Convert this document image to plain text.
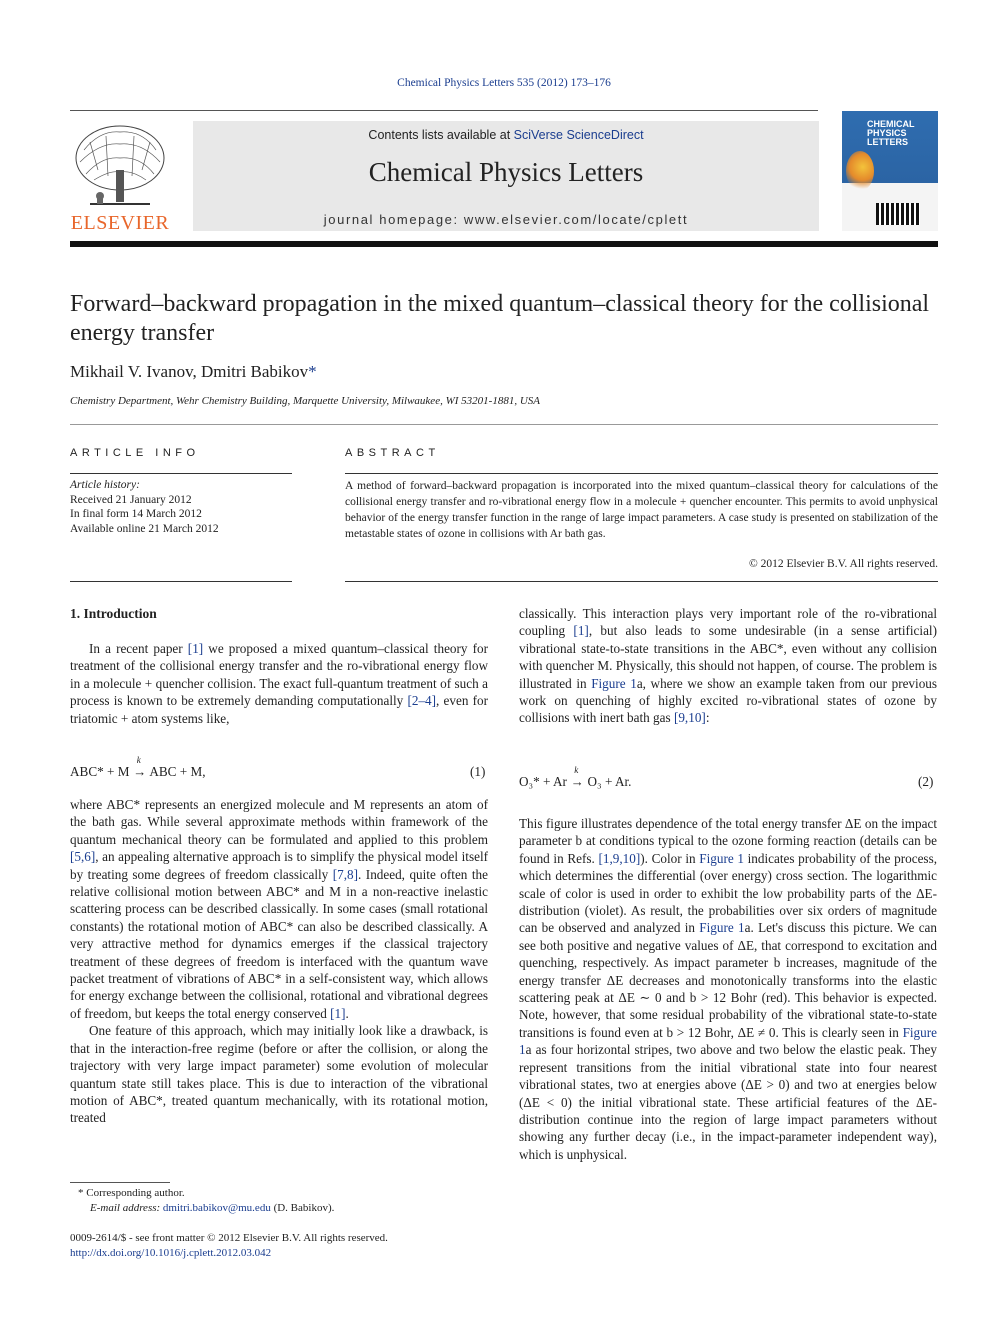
Chemical Physics Letters 535 (2012) 173–176
ELSEVIER
Contents lists available at SciVerse ScienceDirect
Chemical Physics Letters
journal homepage: www.elsevier.com/locate/cplett
CHEMICAL PHYSICS LETTERS
Forward–backward propagation in the mixed quantum–classical theory for the collisional energy transfer
Mikhail V. Ivanov, Dmitri Babikov*
Chemistry Department, Wehr Chemistry Building, Marquette University, Milwaukee, WI 53201-1881, USA
ARTICLE INFO
Article history:
Received 21 January 2012
In final form 14 March 2012
Available online 21 March 2012
ABSTRACT
A method of forward–backward propagation is incorporated into the mixed quantum–classical theory for calculations of the collisional energy transfer and ro-vibrational energy flow in a molecule + quencher encounter. This permits to avoid unphysical behavior of the energy transfer function in the range of large impact parameters. A case study is presented on stabilization of the metastable states of ozone in collisions with Ar bath gas.
© 2012 Elsevier B.V. All rights reserved.
1. Introduction

In a recent paper [1] we proposed a mixed quantum–classical theory for treatment of the collisional energy transfer and the ro-vibrational energy flow in a molecule + quencher collision. The exact full-quantum treatment of such a process is known to be extremely demanding computationally [2–4], even for triatomic + atom systems like,

ABC* + M
k
→ ABC + M,	(1)

where ABC* represents an energized molecule and M represents an atom of the bath gas. While several approximate methods within framework of the quantum mechanical theory can be formulated and applied to this problem [5,6], an appealing alternative approach is to simplify the physical model itself by treating some degrees of freedom classically [7,8]. Indeed, quite often the relative collisional motion between ABC* and M in a non-reactive inelastic scattering process can be described classically. In some cases (small rotational constants) the rotational motion of ABC* can also be described classically. A very attractive method for dynamics emerges if the classical trajectory treatment of these degrees of freedom is interfaced with the quantum wave packet treatment of vibrations of ABC* in a self-consistent way, which allows for energy exchange between the collisional, rotational and vibrational degrees of freedom, but keeps the total energy conserved [1].

One feature of this approach, which may initially look like a drawback, is that in the interaction-free regime (before or after the collision, or along the trajectory with very large impact parameter) some evolution of molecular quantum state still takes place. This is due to interaction of the vibrational motion of ABC*, treated quantum mechanically, with its rotational motion, treated

classically. This interaction plays very important role of the ro-vibrational coupling [1], but also leads to some undesirable (in a sense artificial) vibrational state-to-state transitions in the ABC*, even without any collision with quencher M. Physically, this should not happen, of course. The problem is illustrated in Figure 1a, where we show an example taken from our previous work on quenching of highly excited ro-vibrational states of ozone by collisions with inert bath gas [9,10]:

O₃* + Ar
k
→ O₃ + Ar.	(2)

This figure illustrates dependence of the total energy transfer ΔE on the impact parameter b at conditions typical to the ozone forming reaction (details can be found in Refs. [1,9,10]). Color in Figure 1 indicates probability of the process, which determines the differential (over energy) cross section. The logarithmic scale of color is used in order to exhibit the low probability parts of the ΔE-distribution (violet). As result, the probabilities over six orders of magnitude can be observed and analyzed in Figure 1a. Let's discuss this picture. We can see both positive and negative values of ΔE, that correspond to excitation and quenching, respectively. As impact parameter b increases, magnitude of the energy transfer ΔE decreases and monotonically transforms into the elastic scattering peak at ΔE ∼ 0 and b > 12 Bohr (red). This behavior is expected. Note, however, that some residual probability of the vibrational state-to-state transitions is found even at b > 12 Bohr, ΔE ≠ 0. This is clearly seen in Figure 1a as four horizontal stripes, two above and two below the elastic peak. They represent transitions from the initial vibrational state into four nearest vibrational states, two at energies above (ΔE > 0) and two at energies below (ΔE < 0) the initial vibrational state. These artificial features of the ΔE-distribution continue into the region of large impact parameters without showing any further decay (i.e., in the impact-parameter independent way), which is unphysical.

* Corresponding author.
E-mail address: dmitri.babikov@mu.edu (D. Babikov).
0009-2614/$ - see front matter © 2012 Elsevier B.V. All rights reserved.
http://dx.doi.org/10.1016/j.cplett.2012.03.042
